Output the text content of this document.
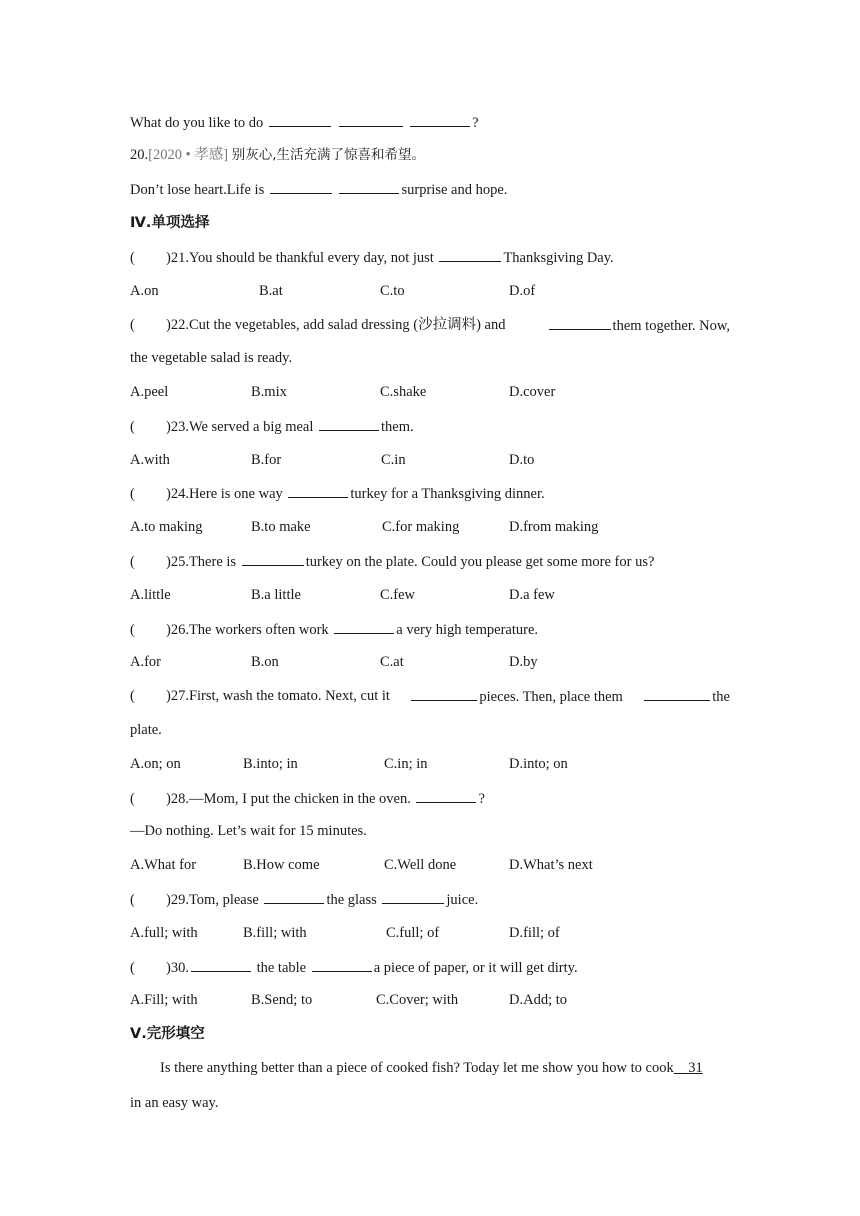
What do you like to do	?
20.[2020 • 孝感] 别灰心,生活充满了惊喜和希望。
Don’t lose heart.Life is	surprise and hope.
Ⅳ.单项选择
( )21.You should be thankful every day, not just	Thanksgiving Day.
A.on	B.at	C.to	D.of
( )22.Cut the vegetables, add salad dressing (沙拉调料) and	them together. Now,
the vegetable salad is ready.
A.peel	B.mix	C.shake	D.cover
( )23.We served a big meal	them.
A.with	B.for	C.in	D.to
( )24.Here is one way	turkey for a Thanksgiving dinner.
A.to making	B.to make	C.for making	D.from making
( )25.There is	turkey on the plate. Could you please get some more for us?
A.little	B.a little	C.few	D.a few
( )26.The workers often work	a very high temperature.
A.for	B.on	C.at	D.by
( )27.First, wash the tomato. Next, cut it	pieces. Then, place them	the
plate.
A.on; on	B.into; in	C.in; in	D.into; on
( )28.—Mom, I put the chicken in the oven.	?
—Do nothing. Let’s wait for 15 minutes.
A.What for	B.How come	C.Well done	D.What’s next
( )29.Tom, please	the glass	juice.
A.full; with	B.fill; with	C.full; of	D.fill; of
( )30.	the table	a piece of paper, or it will get dirty.
A.Fill; with	B.Send; to	C.Cover; with	D.Add; to
Ⅴ.完形填空
Is there anything better than a piece of cooked fish? Today let me show you how to cook 31
in an easy way.
